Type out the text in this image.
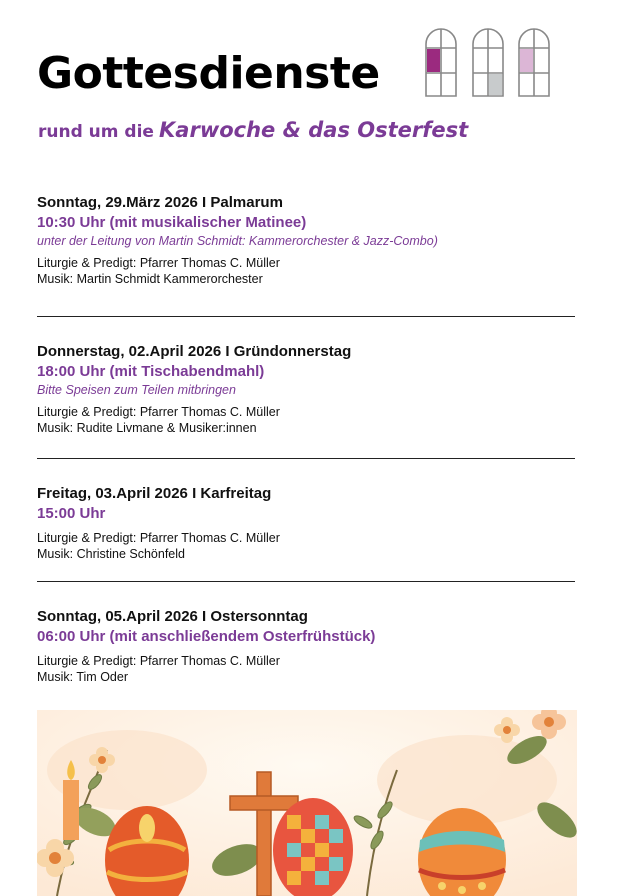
Gottesdienste
rund um die Karwoche & das Osterfest
Sonntag, 29.März 2026 I Palmarum
10:30 Uhr (mit musikalischer Matinee)
unter der Leitung von Martin Schmidt: Kammerorchester & Jazz-Combo)
Liturgie & Predigt: Pfarrer Thomas C. Müller
Musik: Martin Schmidt Kammerorchester
Donnerstag, 02.April 2026 I Gründonnerstag
18:00 Uhr (mit Tischabendmahl)
Bitte Speisen zum Teilen mitbringen
Liturgie & Predigt: Pfarrer Thomas C. Müller
Musik: Rudite Livmane & Musiker:innen
Freitag, 03.April 2026 I Karfreitag
15:00 Uhr
Liturgie & Predigt: Pfarrer Thomas C. Müller
Musik: Christine Schönfeld
Sonntag, 05.April 2026 I Ostersonntag
06:00 Uhr (mit anschließendem Osterfrühstück)
Liturgie & Predigt: Pfarrer Thomas C. Müller
Musik: Tim Oder
